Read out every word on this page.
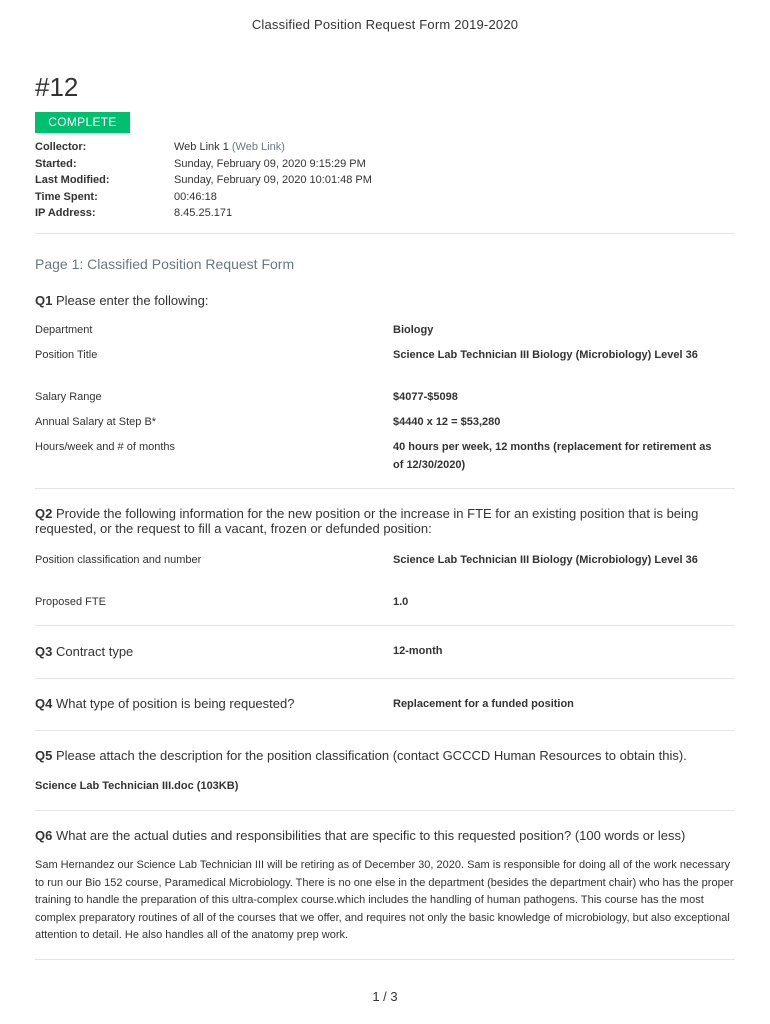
Classified Position Request Form 2019-2020
#12
COMPLETE
Collector:	Web Link 1 (Web Link)
Started:	Sunday, February 09, 2020 9:15:29 PM
Last Modified:	Sunday, February 09, 2020 10:01:48 PM
Time Spent:	00:46:18
IP Address:	8.45.25.171
Page 1: Classified Position Request Form
Q1 Please enter the following:
Department	Biology
Position Title	Science Lab Technician III Biology (Microbiology) Level 36
Salary Range	$4077-$5098
Annual Salary at Step B*	$4440 x 12 = $53,280
Hours/week and # of months	40 hours per week, 12 months (replacement for retirement as of 12/30/2020)
Q2 Provide the following information for the new position or the increase in FTE for an existing position that is being requested, or the request to fill a vacant, frozen or defunded position:
Position classification and number	Science Lab Technician III Biology (Microbiology) Level 36
Proposed FTE	1.0
Q3 Contract type	12-month
Q4 What type of position is being requested?	Replacement for a funded position
Q5 Please attach the description for the position classification (contact GCCCD Human Resources to obtain this).
Science Lab Technician III.doc (103KB)
Q6 What are the actual duties and responsibilities that are specific to this requested position? (100 words or less)
Sam Hernandez our Science Lab Technician III will be retiring as of December 30, 2020. Sam is responsible for doing all of the work necessary to run our Bio 152 course, Paramedical Microbiology. There is no one else in the department (besides the department chair) who has the proper training to handle the preparation of this ultra-complex course.which includes the handling of human pathogens. This course has the most complex preparatory routines of all of the courses that we offer, and requires not only the basic knowledge of microbiology, but also exceptional attention to detail. He also handles all of the anatomy prep work.
1 / 3
